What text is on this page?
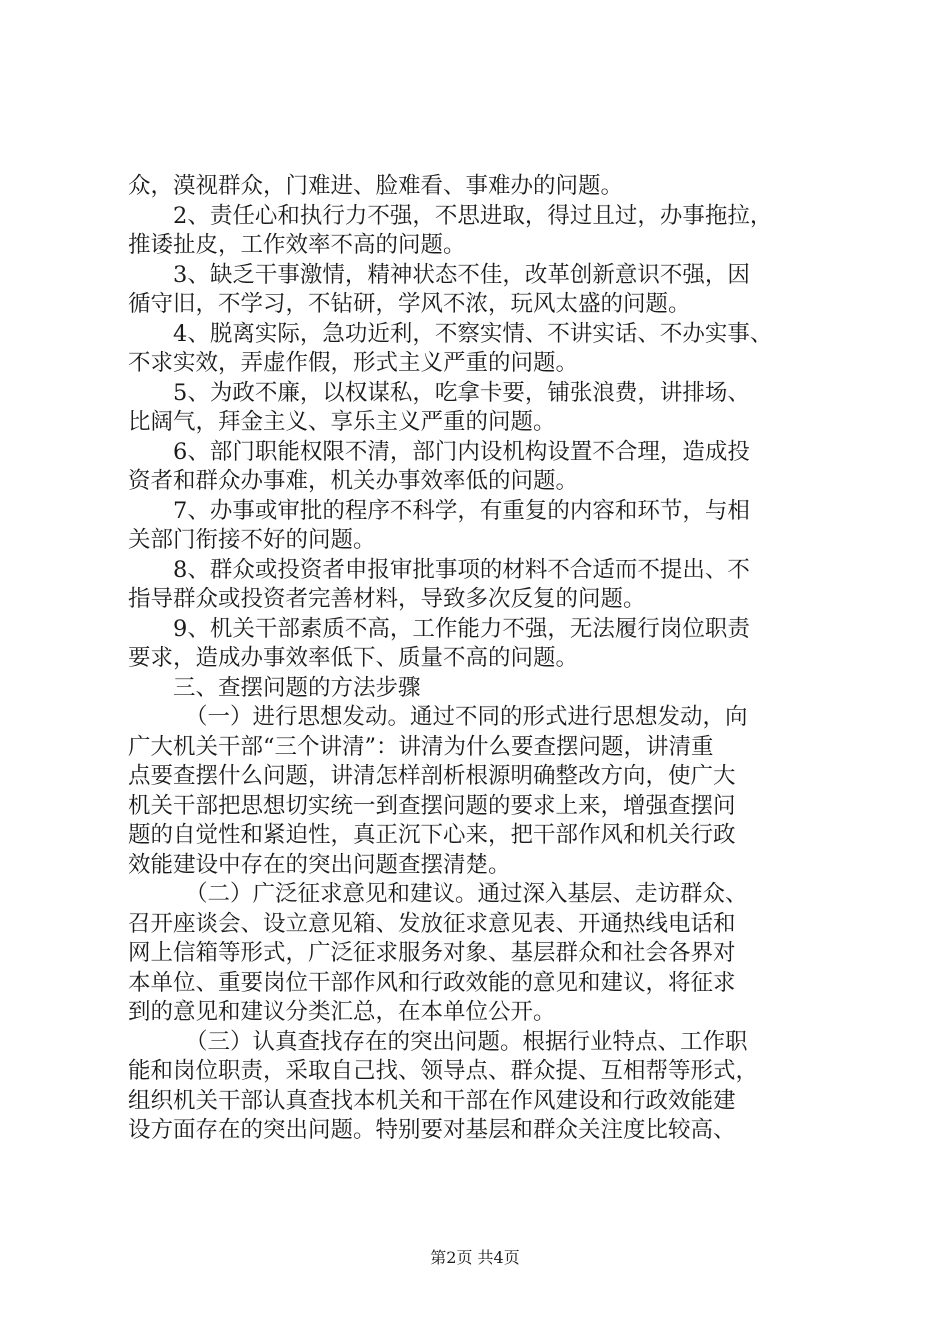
众，漠视群众，门难进、脸难看、事难办的问题。
2、责任心和执行力不强，不思进取，得过且过，办事拖拉，
推诿扯皮，工作效率不高的问题。
3、缺乏干事激情，精神状态不佳，改革创新意识不强，因
循守旧，不学习，不钻研，学风不浓，玩风太盛的问题。
4、脱离实际，急功近利，不察实情、不讲实话、不办实事、
不求实效，弄虚作假，形式主义严重的问题。
5、为政不廉，以权谋私，吃拿卡要，铺张浪费，讲排场、
比阔气，拜金主义、享乐主义严重的问题。
6、部门职能权限不清，部门内设机构设置不合理，造成投
资者和群众办事难，机关办事效率低的问题。
7、办事或审批的程序不科学，有重复的内容和环节，与相
关部门衔接不好的问题。
8、群众或投资者申报审批事项的材料不合适而不提出、不
指导群众或投资者完善材料，导致多次反复的问题。
9、机关干部素质不高，工作能力不强，无法履行岗位职责
要求，造成办事效率低下、质量不高的问题。
三、查摆问题的方法步骤
（一）进行思想发动。通过不同的形式进行思想发动，向
广大机关干部“三个讲清”：讲清为什么要查摆问题，讲清重
点要查摆什么问题，讲清怎样剖析根源明确整改方向，使广大
机关干部把思想切实统一到查摆问题的要求上来，增强查摆问
题的自觉性和紧迫性，真正沉下心来，把干部作风和机关行政
效能建设中存在的突出问题查摆清楚。
（二）广泛征求意见和建议。通过深入基层、走访群众、
召开座谈会、设立意见箱、发放征求意见表、开通热线电话和
网上信箱等形式，广泛征求服务对象、基层群众和社会各界对
本单位、重要岗位干部作风和行政效能的意见和建议，将征求
到的意见和建议分类汇总，在本单位公开。
（三）认真查找存在的突出问题。根据行业特点、工作职
能和岗位职责，采取自己找、领导点、群众提、互相帮等形式，
组织机关干部认真查找本机关和干部在作风建设和行政效能建
设方面存在的突出问题。特别要对基层和群众关注度比较高、
第2页 共4页
